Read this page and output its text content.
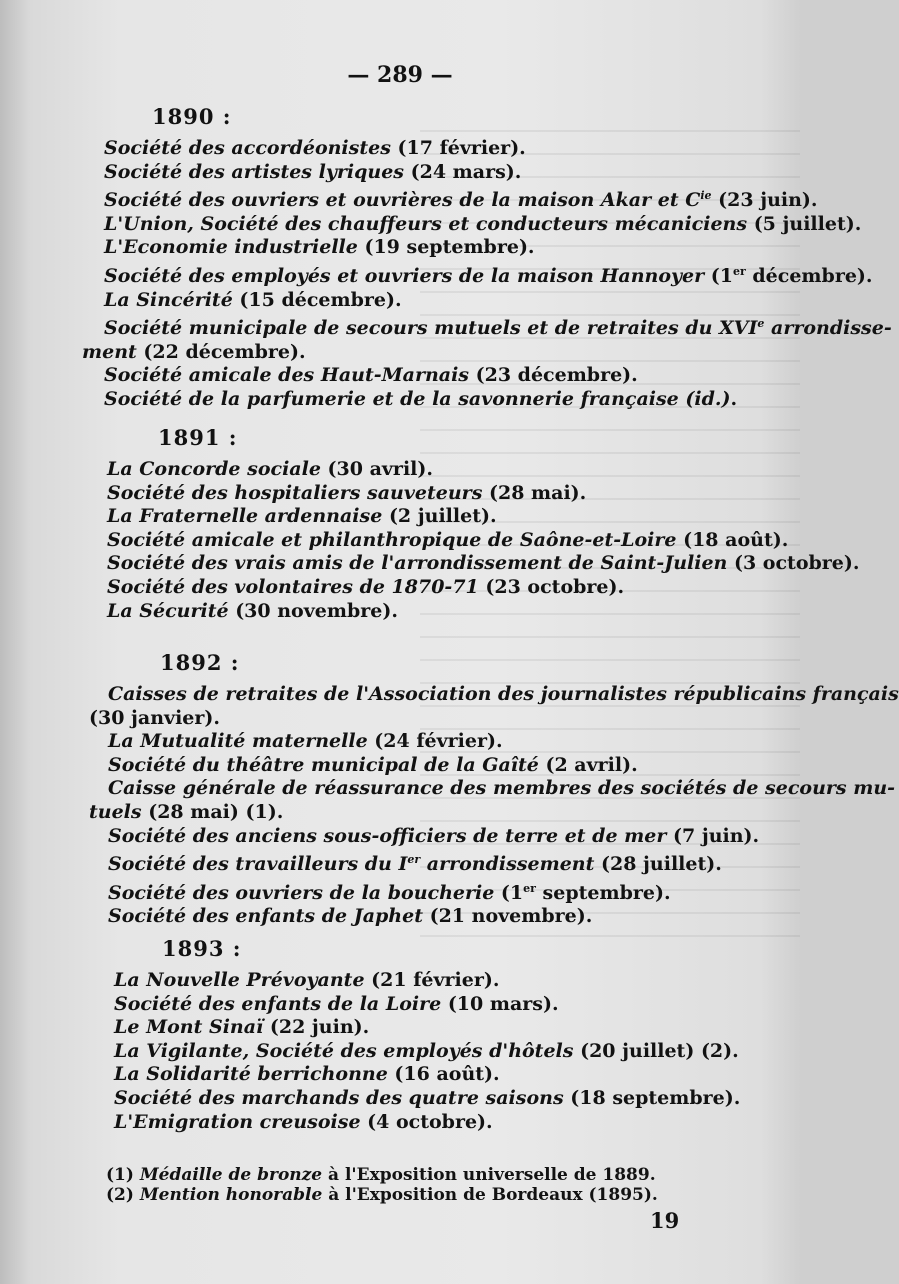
— 289 —
1890 :
Société des accordéonistes (17 février).
Société des artistes lyriques (24 mars).
Société des ouvriers et ouvrières de la maison Akar et $C^{ie}$ (23 juin).
L'Union, Société des chauffeurs et conducteurs mécaniciens (5 juillet).
L'Economie industrielle (19 septembre).
Société des employés et ouvriers de la maison Hannoyer (1er décembre).
La Sincérité (15 décembre).
Société municipale de secours mutuels et de retraites du XVIe arrondisse-
ment (22 décembre).
Société amicale des Haut-Marnais (23 décembre).
Société de la parfumerie et de la savonnerie française (id.).
1891 :
La Concorde sociale (30 avril).
Société des hospitaliers sauveteurs (28 mai).
La Fraternelle ardennaise (2 juillet).
Société amicale et philanthropique de Saône-et-Loire (18 août).
Société des vrais amis de l'arrondissement de Saint-Julien (3 octobre).
Société des volontaires de 1870-71 (23 octobre).
La Sécurité (30 novembre).
1892 :
Caisses de retraites de l'Association des journalistes républicains français
(30 janvier).
La Mutualité maternelle (24 février).
Société du théâtre municipal de la Gaîté (2 avril).
Caisse générale de réassurance des membres des sociétés de secours mu-
tuels (28 mai) (1).
Société des anciens sous-officiers de terre et de mer (7 juin).
Société des travailleurs du Ier arrondissement (28 juillet).
Société des ouvriers de la boucherie (1er septembre).
Société des enfants de Japhet (21 novembre).
1893 :
La Nouvelle Prévoyante (21 février).
Société des enfants de la Loire (10 mars).
Le Mont Sinaï (22 juin).
La Vigilante, Société des employés d'hôtels (20 juillet) (2).
La Solidarité berrichonne (16 août).
Société des marchands des quatre saisons (18 septembre).
L'Emigration creusoise (4 octobre).
(1) Médaille de bronze à l'Exposition universelle de 1889.
(2) Mention honorable à l'Exposition de Bordeaux (1895).
19
